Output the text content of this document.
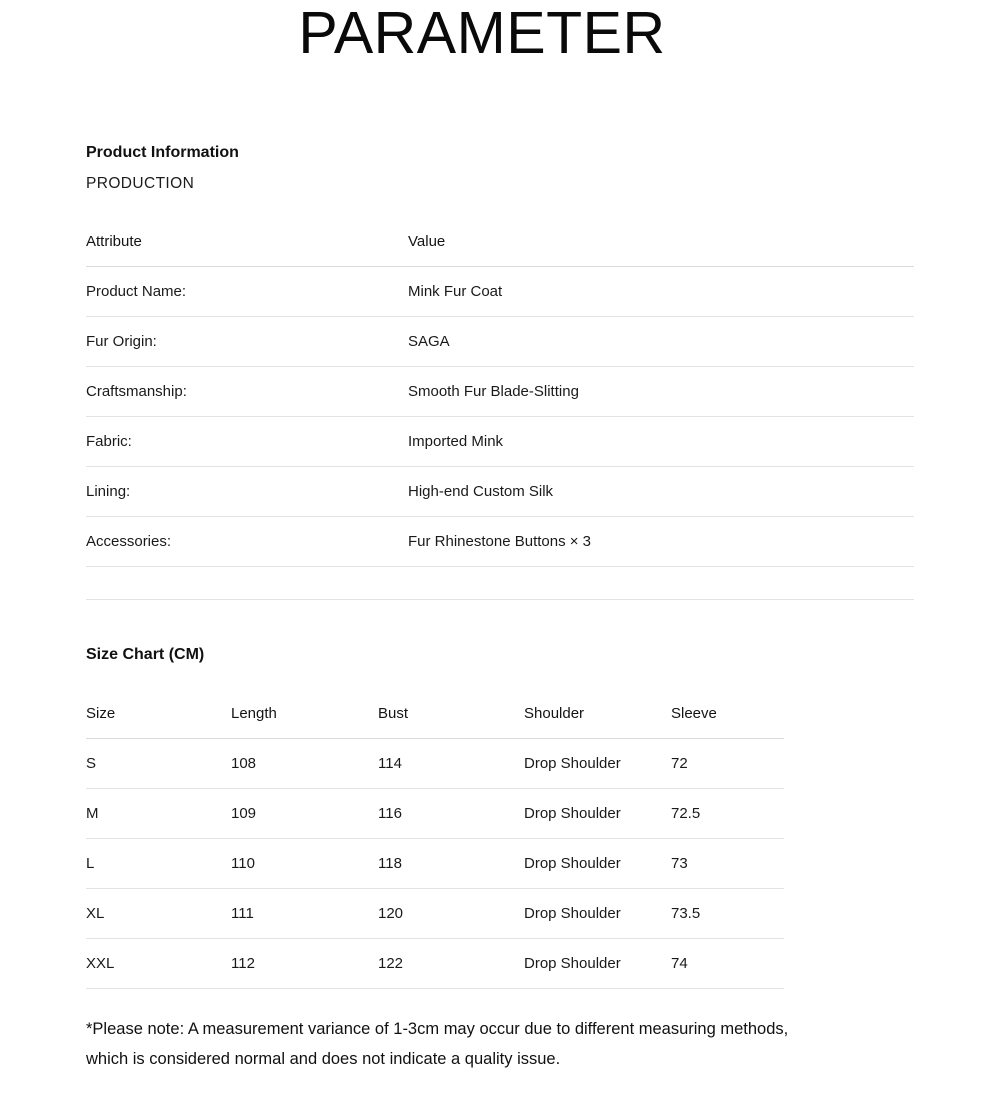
PARAMETER
Product Information
PRODUCTION
Attribute	Value
Product Name:	Mink Fur Coat
Fur Origin:	SAGA
Craftsmanship:	Smooth Fur Blade-Slitting
Fabric:	Imported Mink
Lining:	High-end Custom Silk
Accessories:	Fur Rhinestone Buttons × 3

Size Chart (CM)
Size	Length	Bust	Shoulder	Sleeve
S	108	114	Drop Shoulder	72
M	109	116	Drop Shoulder	72.5
L	110	118	Drop Shoulder	73
XL	111	120	Drop Shoulder	73.5
XXL	112	122	Drop Shoulder	74

*Please note: A measurement variance of 1-3cm may occur due to different measuring methods,
which is considered normal and does not indicate a quality issue.
